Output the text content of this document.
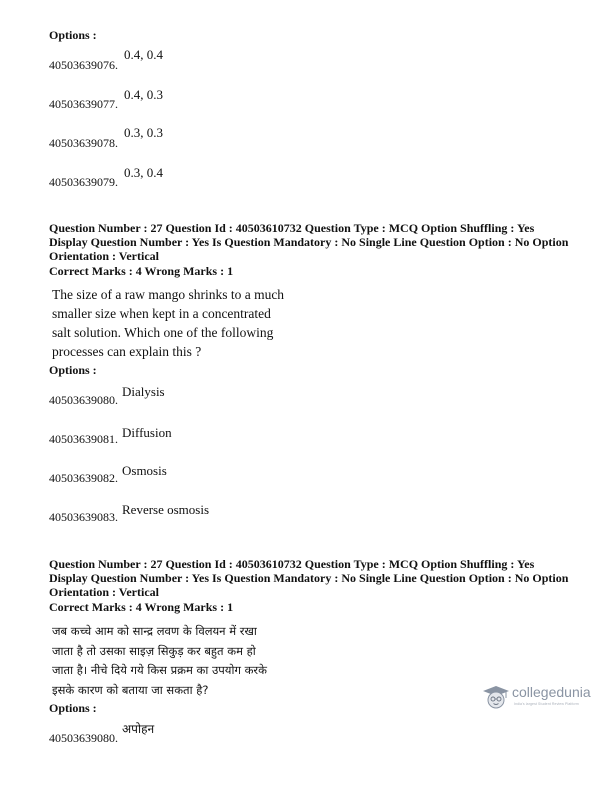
Options :
40503639076.
0.4, 0.4
40503639077.
0.4, 0.3
40503639078.
0.3, 0.3
40503639079.
0.3, 0.4
Question Number : 27 Question Id : 40503610732 Question Type : MCQ Option Shuffling : Yes
Display Question Number : Yes Is Question Mandatory : No Single Line Question Option : No Option
Orientation : Vertical
Correct Marks : 4 Wrong Marks : 1
The size of a raw mango shrinks to a much
smaller size when kept in a concentrated
salt solution. Which one of the following
processes can explain this ?
Options :
40503639080.
Dialysis
40503639081. Diffusion
40503639082. Osmosis
40503639083. Reverse osmosis
Question Number : 27 Question Id : 40503610732 Question Type : MCQ Option Shuffling : Yes
Display Question Number : Yes Is Question Mandatory : No Single Line Question Option : No Option
Orientation : Vertical
Correct Marks : 4 Wrong Marks : 1
जब कच्चे आम को सान्द्र लवण के विलयन में रखा
जाता है तो उसका साइज़ सिकुड़ कर बहुत कम हो
जाता है। नीचे दिये गये किस प्रक्रम का उपयोग करके
इसके कारण को बताया जा सकता है?
Options :
40503639080.
अपोहन
collegedunia
India's largest Student Review Platform
